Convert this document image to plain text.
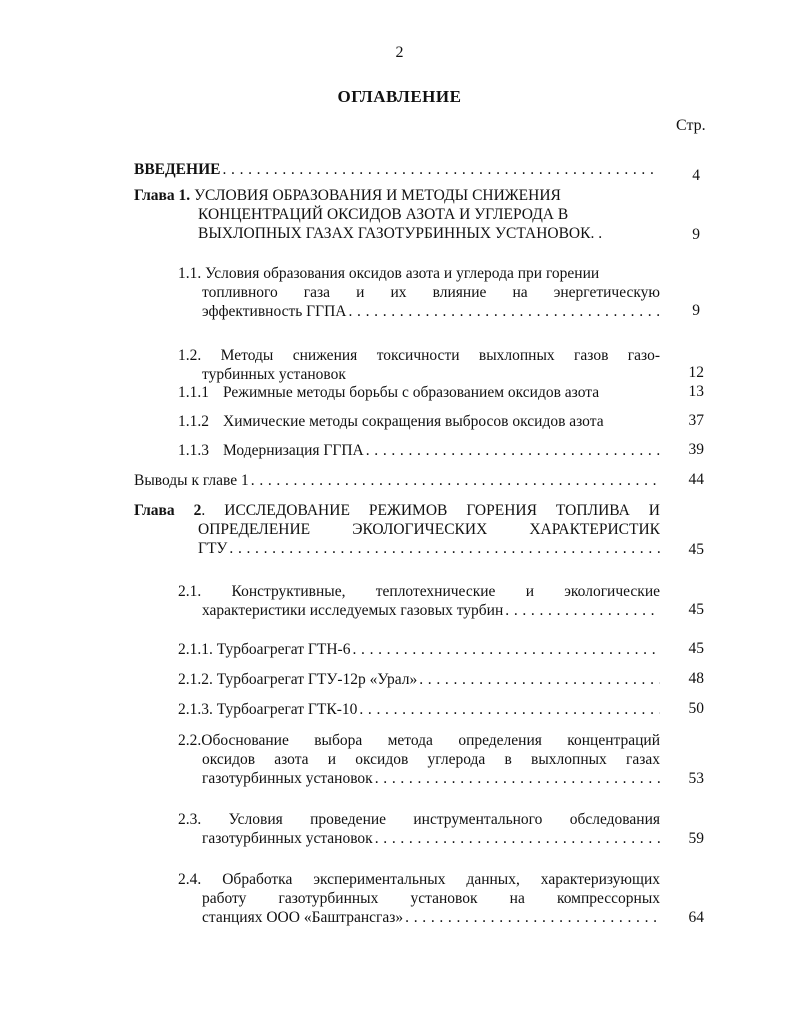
2
ОГЛАВЛЕНИЕ
Стр.
ВВЕДЕНИЕ . . .	4
Глава 1. УСЛОВИЯ ОБРАЗОВАНИЯ И МЕТОДЫ СНИЖЕНИЯ
КОНЦЕНТРАЦИЙ ОКСИДОВ АЗОТА И УГЛЕРОДА В
ВЫХЛОПНЫХ ГАЗАХ ГАЗОТУРБИННЫХ УСТАНОВОК. .	9
1.1. Условия образования оксидов азота и углерода при горении
топливного газа и их влияние на энергетическую
эффективность ГГПА . . .	9
1.2. Методы снижения токсичности выхлопных газов газо-
турбинных установок	12
1.1.1 Режимные методы борьбы с образованием оксидов азота	13
1.1.2 Химические методы сокращения выбросов оксидов азота	37
1.1.3 Модернизация ГГПА . . .	39
Выводы к главе 1 . . .	44
Глава 2. ИССЛЕДОВАНИЕ РЕЖИМОВ ГОРЕНИЯ ТОПЛИВА И
ОПРЕДЕЛЕНИЕ ЭКОЛОГИЧЕСКИХ ХАРАКТЕРИСТИК
ГТУ . . .	45
2.1. Конструктивные, теплотехнические и экологические
характеристики исследуемых газовых турбин . . .	45
2.1.1. Турбоагрегат ГТН-6 . . .	45
2.1.2. Турбоагрегат ГТУ-12р «Урал» . . .	48
2.1.3. Турбоагрегат ГТК-10 . . .	50
2.2.Обоснование выбора метода определения концентраций
оксидов азота и оксидов углерода в выхлопных газах
газотурбинных установок . . .	53
2.3. Условия проведение инструментального обследования
газотурбинных установок . . .	59
2.4. Обработка экспериментальных данных, характеризующих
работу газотурбинных установок на компрессорных
станциях ООО «Баштрансгаз» . . .	64
